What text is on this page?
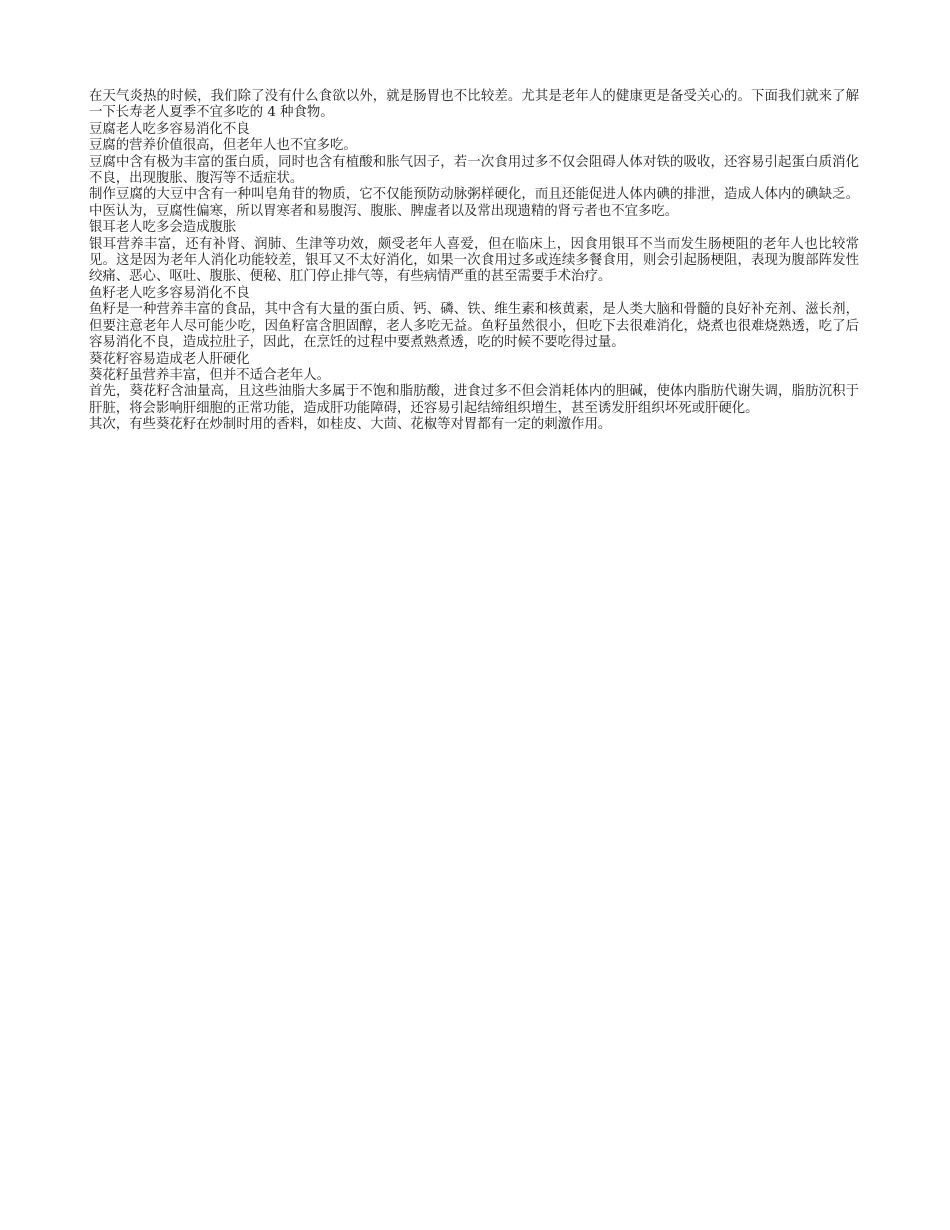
在天气炎热的时候，我们除了没有什么食欲以外，就是肠胃也不比较差。尤其是老年人的健康更是备受关心的。下面我们就来了解一下长寿老人夏季不宜多吃的 4 种食物。

豆腐老人吃多容易消化不良

豆腐的营养价值很高，但老年人也不宜多吃。

豆腐中含有极为丰富的蛋白质，同时也含有植酸和胀气因子，若一次食用过多不仅会阻碍人体对铁的吸收，还容易引起蛋白质消化不良，出现腹胀、腹泻等不适症状。

制作豆腐的大豆中含有一种叫皂角苷的物质，它不仅能预防动脉粥样硬化，而且还能促进人体内碘的排泄，造成人体内的碘缺乏。中医认为，豆腐性偏寒，所以胃寒者和易腹泻、腹胀、脾虚者以及常出现遗精的肾亏者也不宜多吃。

银耳老人吃多会造成腹胀

银耳营养丰富，还有补肾、润肺、生津等功效，颇受老年人喜爱，但在临床上，因食用银耳不当而发生肠梗阻的老年人也比较常见。这是因为老年人消化功能较差，银耳又不太好消化，如果一次食用过多或连续多餐食用，则会引起肠梗阻，表现为腹部阵发性绞痛、恶心、呕吐、腹胀、便秘、肛门停止排气等，有些病情严重的甚至需要手术治疗。

鱼籽老人吃多容易消化不良

鱼籽是一种营养丰富的食品，其中含有大量的蛋白质、钙、磷、铁、维生素和核黄素，是人类大脑和骨髓的良好补充剂、滋长剂，但要注意老年人尽可能少吃，因鱼籽富含胆固醇，老人多吃无益。鱼籽虽然很小，但吃下去很难消化，烧煮也很难烧熟透，吃了后容易消化不良，造成拉肚子，因此，在烹饪的过程中要煮熟煮透，吃的时候不要吃得过量。

葵花籽容易造成老人肝硬化

葵花籽虽营养丰富，但并不适合老年人。

首先，葵花籽含油量高，且这些油脂大多属于不饱和脂肪酸，进食过多不但会消耗体内的胆碱，使体内脂肪代谢失调，脂肪沉积于肝脏，将会影响肝细胞的正常功能，造成肝功能障碍，还容易引起结缔组织增生，甚至诱发肝组织坏死或肝硬化。

其次，有些葵花籽在炒制时用的香料，如桂皮、大茴、花椒等对胃都有一定的刺激作用。
